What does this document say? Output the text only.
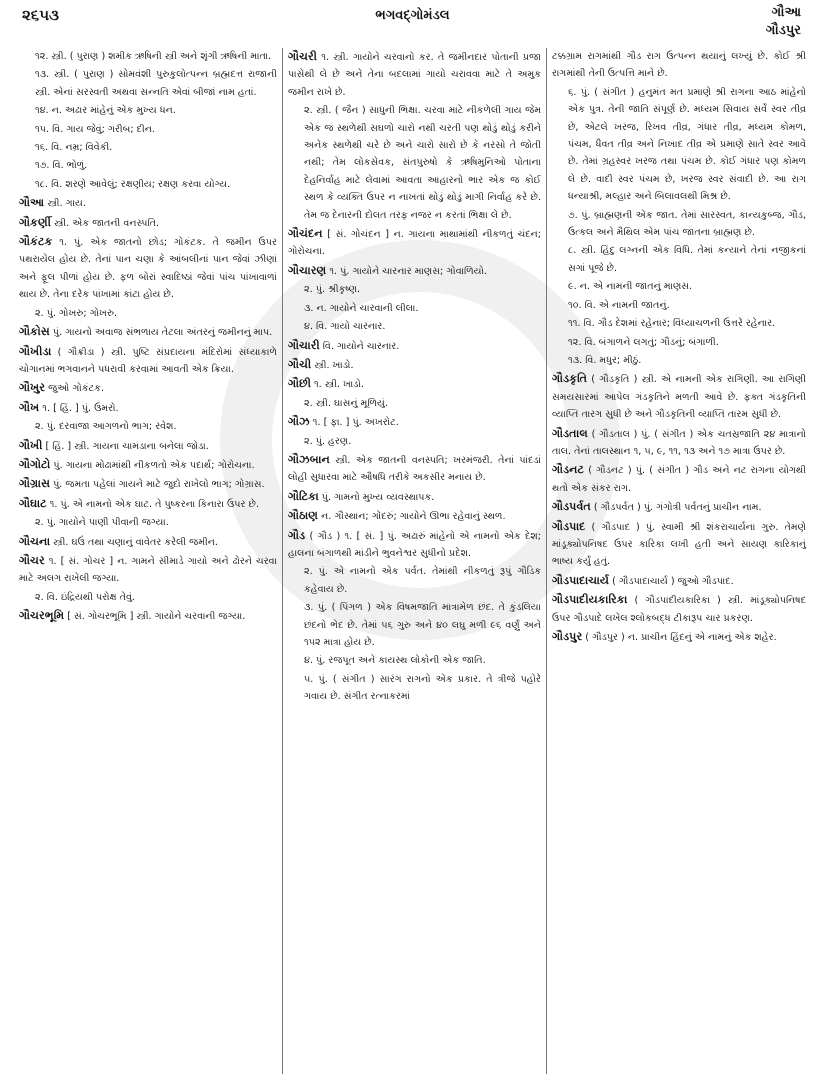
૨૬૫૩	ભગવદ્ગોમંડલ	ગૌઆ
ગૌડપુર

૧૨. સ્ત્રી. ( પુરાણ ) શમીક ઋષિની સ્ત્રી અને શૃંગી ઋષિની માતા.

૧૩. સ્ત્રી. ( પુરાણ ) સોમવંશી પુરુકુલોત્પન્ન બ્રહ્મદત્ત રાજાની સ્ત્રી. એનાં સરસ્વતી અથવા સન્નતિ એવાં બીજાં નામ હતાં.

૧૪. ન. અઢાર માંહેનું એક મુખ્ય ધન.

૧૫. વિ. ગાય જેવું; ગરીબ; દીન.

૧૬. વિ. નમ્ર; વિવેકી.

૧૭. વિ. ભોળું.

૧૮. વિ. શરણે આવેલું; રક્ષણીય; રક્ષણ કરવા યોગ્ય.

ગૌઆ સ્ત્રી. ગાય.

ગૌકર્ણી સ્ત્રી. એક જાતની વનસ્પતિ.

ગૌકંટક ૧. પું. એક જાતનો છોડ; ગોકંટક. તે જમીન ઉપર પથરાયેલ હોય છે. તેનાં પાન ચણા કે આંબલીનાં પાન જેવાં ઝીણાં અને ફૂલ પીળાં હોય છે. ફળ બોરાં સ્વાદિષ્ઠાં જેવાં પાંચ પાંખાવાળાં થાય છે. તેના દરેક પાંખામાં કાંટા હોય છે.

૨. પું. ગોખરુ; ગોખરુ.

ગૌકોસ પું. ગાયનો અવાજ સંભળાય તેટલા અંતરનું જમીનનું માપ.

ગૌખીડા ( ગૌક્રીડા ) સ્ત્રી. પુષ્ટિ સંપ્રદાયના મંદિરોમાં સંધ્યાકાળે ચોગાનમાં ભગવાનને પધરાવી કરવામાં આવતી એક ક્રિયા.

ગૌખુર જુઓ ગોકંટક.

ગૌખ ૧. [ હિં. ] પું. ઉમરો.

૨. પું. દરવાજા આગળનો ભાગ; રવેશ.

ગૌખી [ હિં. ] સ્ત્રી. ગાયના ચામડાના બનેલા જોડા.

ગૌગોટો પું. ગાયના મોઢામાંથી નીકળતો એક પદાર્થ; ગોરોચના.

ગૌગ્રાસ પું. જમતા પહેલાં ગાયને માટે જુદો રાખેલો ભાગ; ગોગ્રાસ.

ગૌઘાટ ૧. પું. એ નામનો એક ઘાટ. તે પુષ્કરના કિનારા ઉપર છે.

૨. પું. ગાયોને પાણી પીવાની જગ્યા.

ગૌચના સ્ત્રી. ઘઉં તથા ચણાનું વાવેતર કરેલી જમીન.

ગૌચર ૧. [ સં. ગોચર ] ન. ગામને સીમાડે ગાયો અને ઢોરને ચરવા માટે અલગ રાખેલી જગ્યા.

૨. વિ. ઇંદ્રિયથી પરોક્ષ તેવું.

ગૌચરભૂમિ [ સં. ગોચરભૂમિ ] સ્ત્રી. ગાયોને ચરવાની જગ્યા.

ગૌચરી ૧. સ્ત્રી. ગાયોને ચરવાનો કર. તે જમીનદાર પોતાની પ્રજા પાસેથી લે છે અને તેના બદલામાં ગાયો ચરાવવા માટે તે અમુક જમીન રાખે છે.

૨. સ્ત્રી. ( જૈન ) સાધુની ભિક્ષા. ચરવા માટે નીકળેલી ગાય જેમ એક જ સ્થળેથી સઘળો ચારો નથી ચરતી પણ થોડું થોડું કરીને અનેક સ્થળેથી ચરે છે અને ચારો સારો છે કે નરસો તે જોતી નથી; તેમ લોકસેવક, સંતપુરુષો કે ઋષિમુનિઓ પોતાના દેહનિર્વાહ માટે લેવામાં આવતા આહારનો ભાર એક જ કોઈ સ્થળ કે વ્યક્તિ ઉપર ન નાખતાં થોડું થોડું માગી નિર્વાહ કરે છે. તેમ જ દેનારની દોલત તરફ નજર ન કરતાં ભિક્ષા લે છે.

ગૌચંદન [ સં. ગોચંદન ] ન. ગાયના માથામાંથી નીકળતું ચંદન; ગોરોચના.

ગૌચારણ ૧. પું. ગાયોને ચારનાર માણસ; ગોવાળિયો.

૨. પું. શ્રીકૃષ્ણ.

૩. ન. ગાયોને ચારવાની લીલા.

૪. વિ. ગાયો ચારનાર.

ગૌચારી વિ. ગાયોને ચારનાર.

ગૌચી સ્ત્રી. ખાડો.

ગૌછી ૧. સ્ત્રી. ખાડો.

૨. સ્ત્રી. ઘાસનું મૂળિયું.

ગૌઝ ૧. [ ફા. ] પું. અખરોટ.

૨. પું. હરણ.

ગૌઝબાન સ્ત્રી. એક જાતની વનસ્પતિ; ખરમંજરી. તેનાં પાંદડાં લોહી સુધારવા માટે ઔષધિ તરીકે અકસીર મનાય છે.

ગૌટિકા પું. ગામનો મુખ્ય વ્યવસ્થાપક.

ગૌઠાણ ન. ગૌસ્થાન; ગોંદરું; ગાયોને ઊભા રહેવાનું સ્થળ.

ગૌડ ( ગૌડ ) ૧. [ સં. ] પું. અઢારું માંહેનો એ નામનો એક દેશ; હાલના બંગાળથી માંડીને ભુવનેશ્વર સુધીનો પ્રદેશ.

૨. પું. એ નામનો એક પર્વત. તેમાંથી નીકળતું રૂપું ગૌડિક કહેવાય છે.

૩. પું. ( પિંગળ ) એક વિષમજાતિ માત્રામેળ છંદ. તે કુંડલિયા છંદનો ભેદ છે. તેમાં ૫૬ ગુરુ અને ૪૦ લઘુ મળી ૯૬ વર્ણું અને ૧૫૨ માત્રા હોય છે.

૪. પું. રજપૂત અને કાયસ્થ લોકોની એક જાતિ.

૫. પું. ( સંગીત ) સારંગ રાગનો એક પ્રકાર. તે ત્રીજે પહોરે ગવાય છે. સંગીત રત્નાકરમાં

ટક્કગ્રામ રાગમાંથી ગૌડ રાગ ઉત્પન્ન થયાનું લખ્યું છે. કોઈ શ્રી રાગમાંથી તેની ઉત્પત્તિ માને છે.

૬. પું. ( સંગીત ) હનુમંત મત પ્રમાણે શ્રી રાગના આઠ માંહેનો એક પુત્ર. તેની જાતિ સંપૂર્ણ છે. મધ્યમ સિવાય સર્વે સ્વર તીવ્ર છે, એટલે ખરજ, રિખવ તીવ્ર, ગંધાર તીવ્ર, મધ્યમ કોમળ, પંચમ, ધૈવત તીવ્ર અને નિખાદ તીવ્ર એ પ્રમાણે સાતે સ્વર આવે છે. તેમાં ગ્રહસ્વર ખરજ તથા પંચમ છે. કોઈ ગંધાર પણ કોમળ લે છે. વાદી સ્વર પંચમ છે, ખરજ સ્વર સંવાદી છે. આ રાગ ધન્યાશ્રી, મલ્હાર અને બિલાવલથી મિશ્ર છે.

૭. પું. બ્રાહ્મણની એક જાત. તેમાં સારસ્વત, કાન્યકુબ્જ, ગૌડ, ઉત્કલ અને મૈથિલ એમ પાંચ જાતના બ્રાહ્મણ છે.

૮. સ્ત્રી. હિંદુ લગ્નની એક વિધિ. તેમાં કન્યાને તેનાં નજીકનાં સગાં પૂજે છે.

૯. ન. એ નામની જાતનું માણસ.

૧૦. વિ. એ નામની જાતનું.

૧૧. વિ. ગૌડ દેશમાં રહેનાર; વિંધ્યાચળની ઉત્તરે રહેનાર.

૧૨. વિ. બંગાળને લગતું; ગૌડનું; બંગાળી.

૧૩. વિ. મધુર; મીઠું.

ગૌડકૃતિ ( ગૌડકૃતિ ) સ્ત્રી. એ નામની એક રાગિણી. આ રાગિણી સમયસારમાં આપેલ ગંડકૃતિને મળતી આવે છે. ફક્ત ગંડકૃતિની વ્યાપ્તિ તારગ સુધી છે અને ગૌડકૃતિની વ્યાપ્તિ તારમ સુધી છે.

ગૌડતાલ ( ગૌડતાલ ) પું. ( સંગીત ) એક ચતસ્રજાતિ ૨૪ માત્રાનો તાલ. તેનાં તાલસ્થાન ૧, ૫, ૯, ૧૧, ૧૩ અને ૧૭ માત્રા ઉપર છે.

ગૌડનટ ( ગૌડનટ ) પું. ( સંગીત ) ગૌડ અને નટ રાગના યોગથી થતો એક સંકર રાગ.

ગૌડપર્વત ( ગૌડપર્વત ) પું. ગંગોત્રી પર્વતનું પ્રાચીન નામ.

ગૌડપાદ ( ગૌડપાદ ) પું. સ્વામી શ્રી શંકરાચાર્યના ગુરુ. તેમણે માંડૂક્યોપનિષદ ઉપર કારિકા લખી હતી અને સાયણ કારિકાનું ભાષ્ય કર્યું હતું.

ગૌડપાદાચાર્ય ( ગૌડપાદાચાર્ય ) જુઓ ગૌડપાદ.

ગૌડપાદીયકારિકા ( ગૌડપાદીયકારિકા ) સ્ત્રી. માંડૂક્યોપનિષદ ઉપર ગૌડપાદે લખેલ શ્લોકબદ્ધ ટીકારૂપ ચાર પ્રકરણ.

ગૌડપુર ( ગૌડપુર ) ન. પ્રાચીન હિંદનું એ નામનું એક શહેર.
